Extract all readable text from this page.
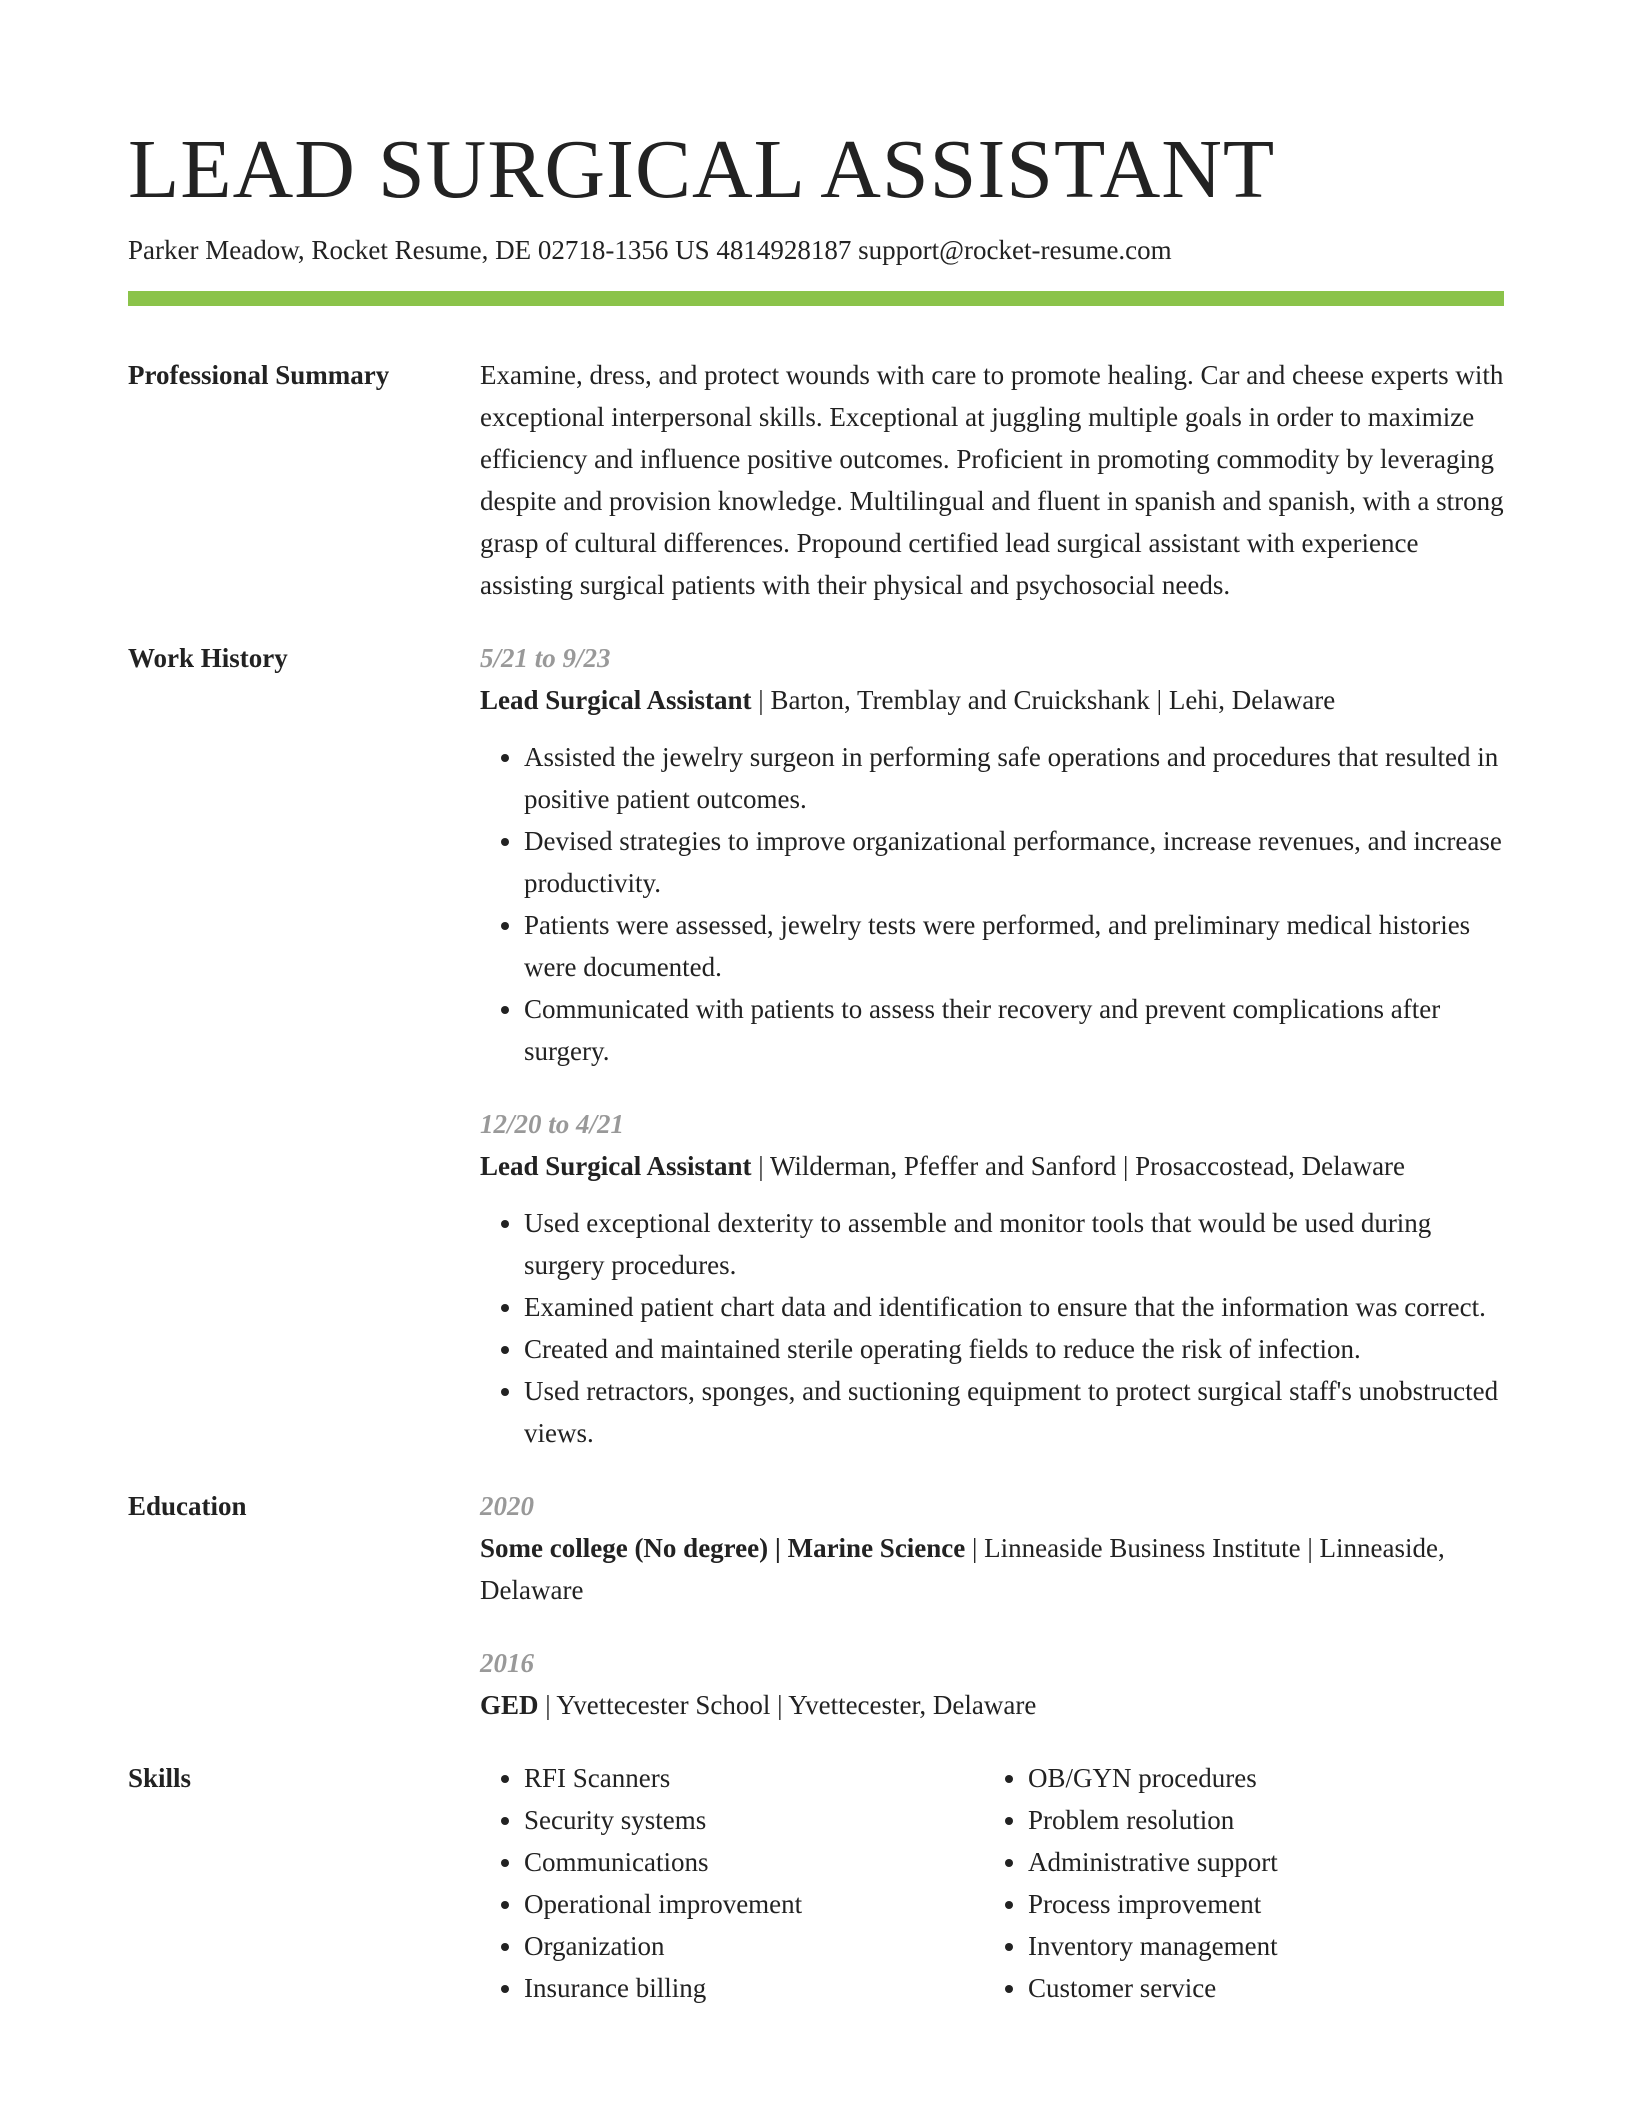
LEAD SURGICAL ASSISTANT
Parker Meadow, Rocket Resume, DE 02718-1356 US 4814928187 support@rocket-resume.com
Professional Summary	Examine, dress, and protect wounds with care to promote healing. Car and cheese experts with exceptional interpersonal skills. Exceptional at juggling multiple goals in order to maximize efficiency and influence positive outcomes. Proficient in promoting commodity by leveraging despite and provision knowledge. Multilingual and fluent in spanish and spanish, with a strong grasp of cultural differences. Propound certified lead surgical assistant with experience assisting surgical patients with their physical and psychosocial needs.
Work History	5/21 to 9/23
Lead Surgical Assistant | Barton, Tremblay and Cruickshank | Lehi, Delaware
• Assisted the jewelry surgeon in performing safe operations and procedures that resulted in positive patient outcomes.
• Devised strategies to improve organizational performance, increase revenues, and increase productivity.
• Patients were assessed, jewelry tests were performed, and preliminary medical histories were documented.
• Communicated with patients to assess their recovery and prevent complications after surgery.
12/20 to 4/21
Lead Surgical Assistant | Wilderman, Pfeffer and Sanford | Prosaccostead, Delaware
• Used exceptional dexterity to assemble and monitor tools that would be used during surgery procedures.
• Examined patient chart data and identification to ensure that the information was correct.
• Created and maintained sterile operating fields to reduce the risk of infection.
• Used retractors, sponges, and suctioning equipment to protect surgical staff's unobstructed views.
Education	2020
Some college (No degree) | Marine Science | Linneaside Business Institute | Linneaside, Delaware
2016
GED | Yvettecester School | Yvettecester, Delaware
Skills
•	RFI Scanners
• Security systems
• Communications
• Operational improvement
• Organization
• Insurance billing
• OB/GYN procedures
• Problem resolution
• Administrative support
• Process improvement
• Inventory management
• Customer service
